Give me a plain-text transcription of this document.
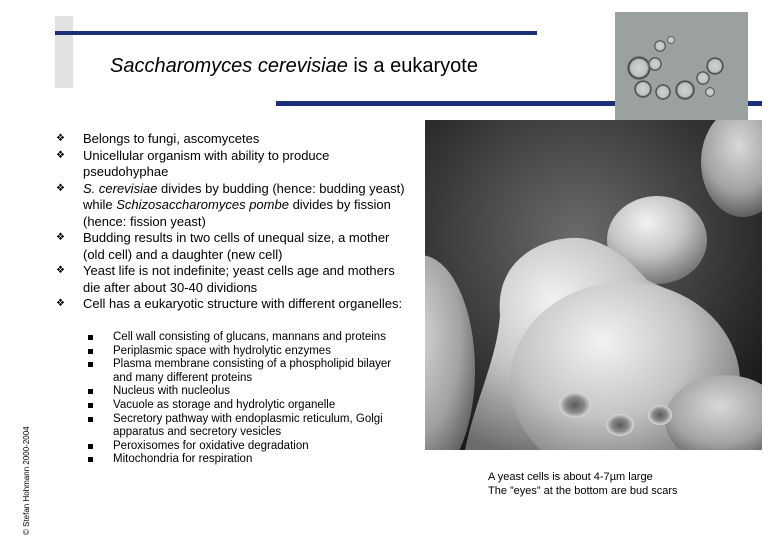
Saccharomyces cerevisiae is a eukaryote
© Stefan Hohmann 2000-2004
❖ Belongs to fungi, ascomycetes
❖ Unicellular organism with ability to produce pseudohyphae
❖ S. cerevisiae divides by budding (hence: budding yeast) while Schizosaccharomyces pombe divides by fission (hence: fission yeast)
❖ Budding results in two cells of unequal size, a mother (old cell) and a daughter (new cell)
❖ Yeast life is not indefinite; yeast cells age and mothers die after about 30-40 dividions
❖ Cell has a eukaryotic structure with different organelles:
Cell wall consisting of glucans, mannans and proteins
Periplasmic space with hydrolytic enzymes
Plasma membrane consisting of a phospholipid bilayer and many different proteins
Nucleus with nucleolus
Vacuole as storage and hydrolytic organelle
Secretory pathway with endoplasmic reticulum, Golgi apparatus and secretory vesicles
Peroxisomes for oxidative degradation
Mitochondria for respiration
A yeast cells is about 4-7µm large
The ”eyes” at the bottom are bud scars
